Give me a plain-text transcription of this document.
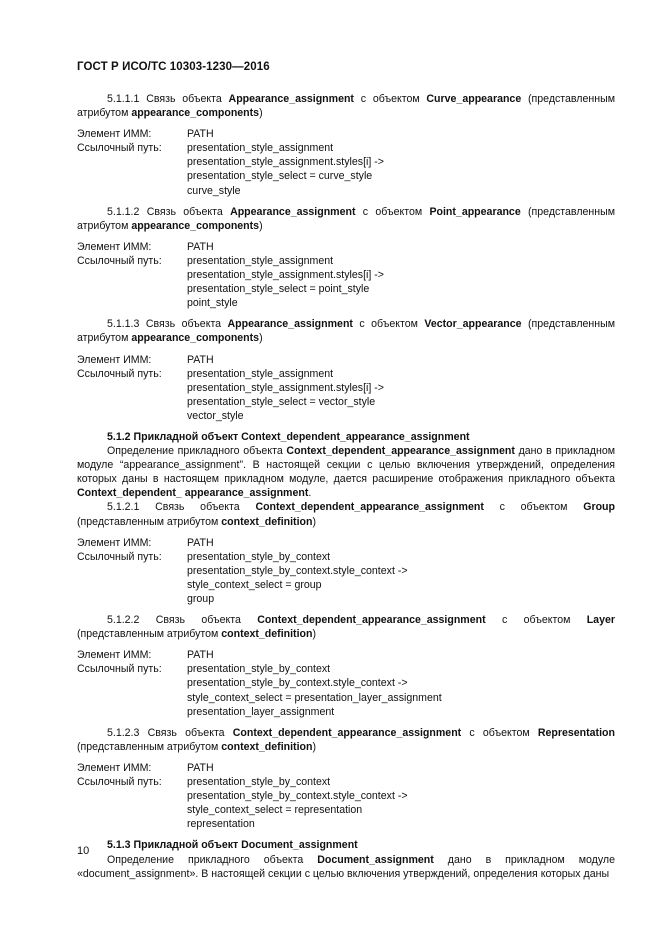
ГОСТ Р ИСО/ТС 10303-1230—2016

5.1.1.1 Связь объекта Appearance_assignment с объектом Curve_appearance (представленным атрибутом appearance_components)

Элемент ИММ:	PATH
Ссылочный путь:	presentation_style_assignment
presentation_style_assignment.styles[i] ->
presentation_style_select = curve_style
curve_style

5.1.1.2 Связь объекта Appearance_assignment с объектом Point_appearance (представленным атрибутом appearance_components)

Элемент ИММ:	PATH
Ссылочный путь:	presentation_style_assignment
presentation_style_assignment.styles[i] ->
presentation_style_select = point_style
point_style

5.1.1.3 Связь объекта Appearance_assignment с объектом Vector_appearance (представленным атрибутом appearance_components)

Элемент ИММ:	PATH
Ссылочный путь:	presentation_style_assignment
presentation_style_assignment.styles[i] ->
presentation_style_select = vector_style
vector_style

5.1.2 Прикладной объект Context_dependent_appearance_assignment

Определение прикладного объекта Context_dependent_appearance_assignment дано в прикладном модуле “appearance_assignment”. В настоящей секции с целью включения утверждений, определения которых даны в настоящем прикладном модуле, дается расширение отображения прикладного объекта Context_dependent_ appearance_assignment.

5.1.2.1 Связь объекта Context_dependent_appearance_assignment с объектом Group (представленным атрибутом context_definition)

Элемент ИММ:	PATH
Ссылочный путь:	presentation_style_by_context
presentation_style_by_context.style_context ->
style_context_select = group
group

5.1.2.2 Связь объекта Context_dependent_appearance_assignment с объектом Layer (представленным атрибутом context_definition)

Элемент ИММ:	PATH
Ссылочный путь:	presentation_style_by_context
presentation_style_by_context.style_context ->
style_context_select = presentation_layer_assignment
presentation_layer_assignment

5.1.2.3 Связь объекта Context_dependent_appearance_assignment с объектом Representation (представленным атрибутом context_definition)

Элемент ИММ:	PATH
Ссылочный путь:	presentation_style_by_context
presentation_style_by_context.style_context ->
style_context_select = representation
representation

5.1.3 Прикладной объект Document_assignment

Определение прикладного объекта Document_assignment дано в прикладном модуле «document_assignment». В настоящей секции с целью включения утверждений, определения которых даны

10
